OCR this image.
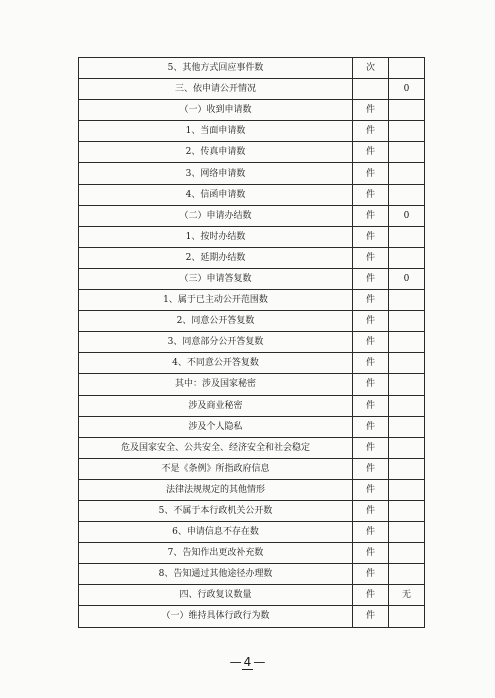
5、其他方式回应事件数	次	
三、依申请公开情况		0
（一）收到申请数	件	
1、当面申请数	件	
2、传真申请数	件	
3、网络申请数	件	
4、信函申请数	件	
（二）申请办结数	件	0
1、按时办结数	件	
2、延期办结数	件	
（三）申请答复数	件	0
1、属于已主动公开范围数	件	
2、同意公开答复数	件	
3、同意部分公开答复数	件	
4、不同意公开答复数	件	
其中：涉及国家秘密	件	
涉及商业秘密	件	
涉及个人隐私	件	
危及国家安全、公共安全、经济安全和社会稳定	件	
不是《条例》所指政府信息	件	
法律法规规定的其他情形	件	
5、不属于本行政机关公开数	件	
6、申请信息不存在数	件	
7、告知作出更改补充数	件	
8、告知通过其他途径办理数	件	
四、行政复议数量	件	无
（一）维持具体行政行为数	件	
— 4 —
